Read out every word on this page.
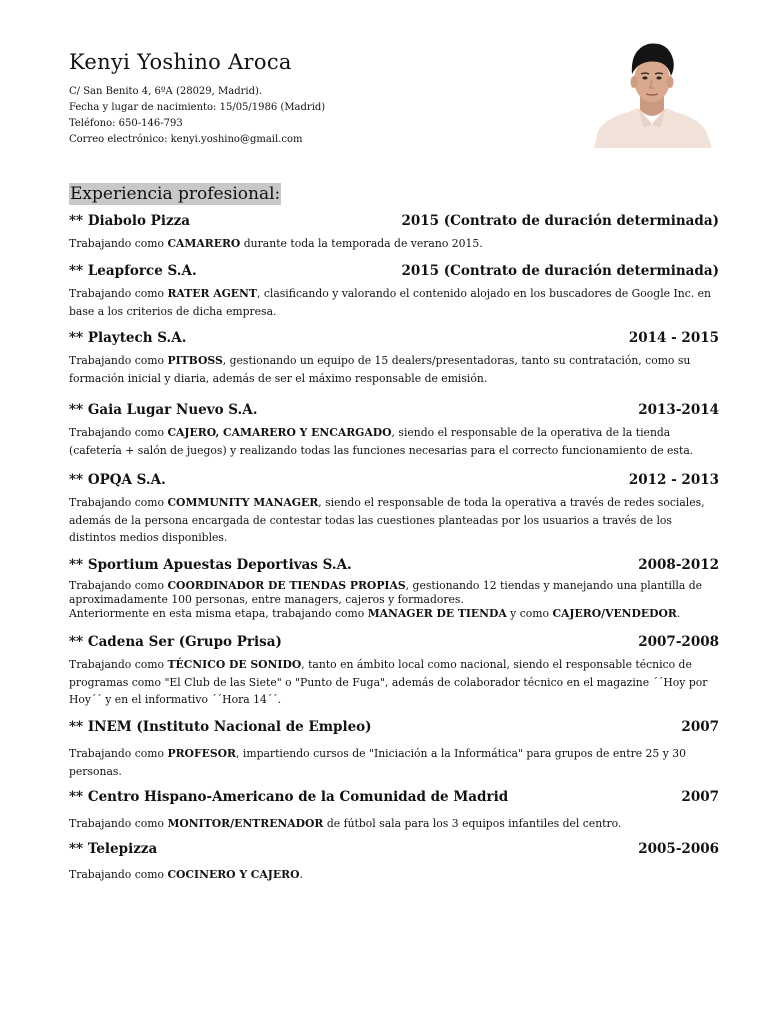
Kenyi Yoshino Aroca
C/ San Benito 4, 6ºA (28029, Madrid).
Fecha y lugar de nacimiento: 15/05/1986 (Madrid)
Teléfono: 650-146-793
Correo electrónico: kenyi.yoshino@gmail.com
Experiencia profesional:
** Diabolo Pizza	2015 (Contrato de duración determinada)
Trabajando como CAMARERO durante toda la temporada de verano 2015.
** Leapforce S.A.	2015 (Contrato de duración determinada)
Trabajando como RATER AGENT, clasificando y valorando el contenido alojado en los buscadores de Google Inc. en base a los criterios de dicha empresa.
** Playtech S.A.	2014 - 2015
Trabajando como PITBOSS, gestionando un equipo de 15 dealers/presentadoras, tanto su contratación, como su formación inicial y diaria, además de ser el máximo responsable de emisión.
** Gaia Lugar Nuevo S.A.	2013-2014
Trabajando como CAJERO, CAMARERO Y ENCARGADO, siendo el responsable de la operativa de la tienda (cafetería + salón de juegos) y realizando todas las funciones necesarias para el correcto funcionamiento de esta.
** OPQA S.A.	2012 - 2013
Trabajando como COMMUNITY MANAGER, siendo el responsable de toda la operativa a través de redes sociales, además de la persona encargada de contestar todas las cuestiones planteadas por los usuarios a través de los distintos medios disponibles.
** Sportium Apuestas Deportivas S.A.	2008-2012
Trabajando como COORDINADOR DE TIENDAS PROPIAS, gestionando 12 tiendas y manejando una plantilla de aproximadamente 100 personas, entre managers, cajeros y formadores.
Anteriormente en esta misma etapa, trabajando como MANAGER DE TIENDA y como CAJERO/VENDEDOR.
** Cadena Ser (Grupo Prisa)	2007-2008
Trabajando como TÉCNICO DE SONIDO, tanto en ámbito local como nacional, siendo el responsable técnico de programas como "El Club de las Siete" o "Punto de Fuga", además de colaborador técnico en el magazine ´´Hoy por Hoy´´ y en el informativo ´´Hora 14´´.
** INEM (Instituto Nacional de Empleo)	2007
Trabajando como PROFESOR, impartiendo cursos de "Iniciación a la Informática" para grupos de entre 25 y 30 personas.
** Centro Hispano-Americano de la Comunidad de Madrid	2007
Trabajando como MONITOR/ENTRENADOR de fútbol sala para los 3 equipos infantiles del centro.
** Telepizza	2005-2006
Trabajando como COCINERO Y CAJERO.
